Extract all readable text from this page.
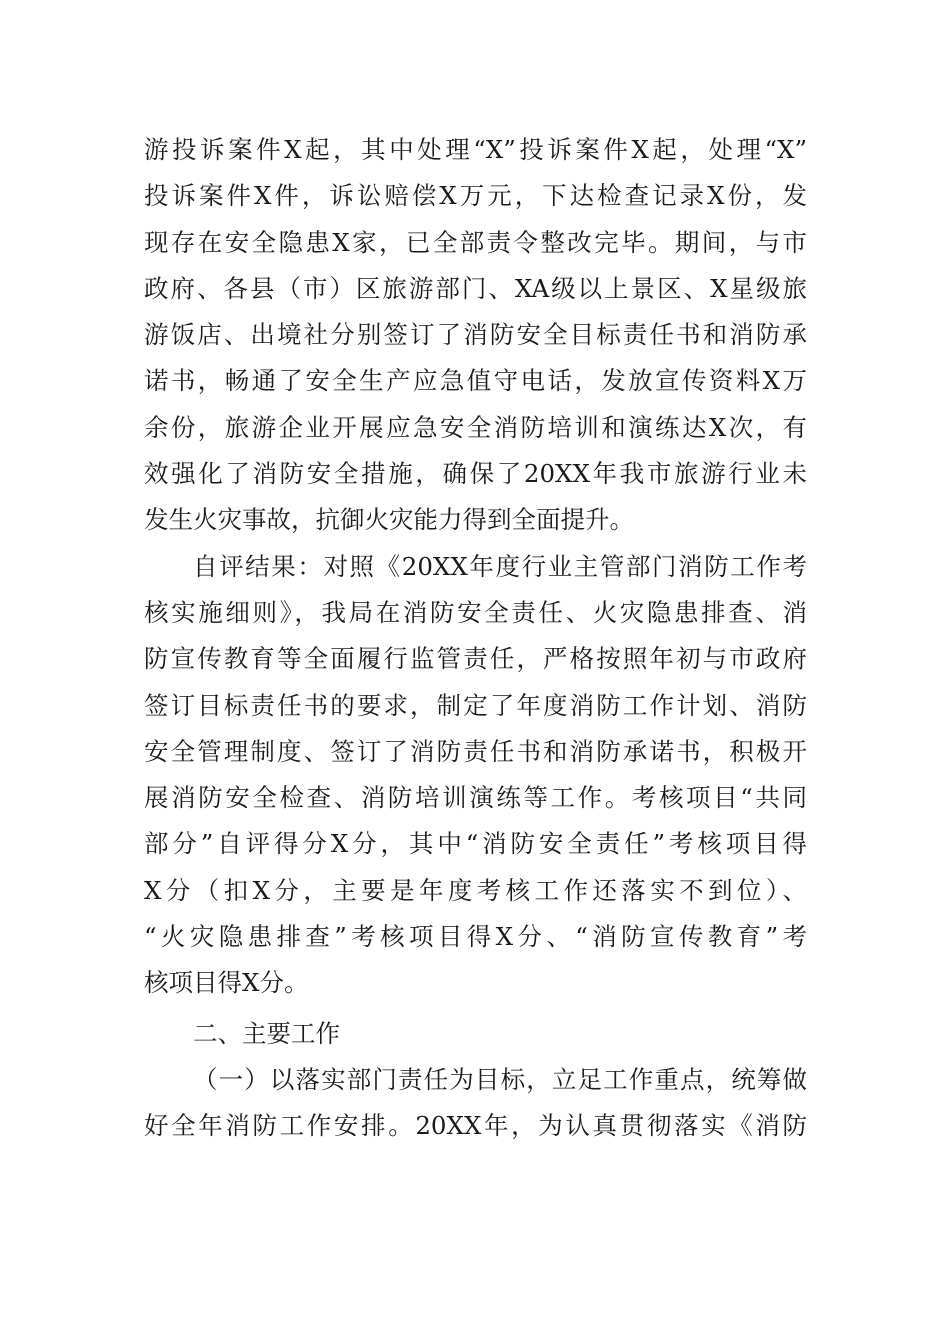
游投诉案件X起，其中处理“X”投诉案件X起，处理“X”
投诉案件X件，诉讼赔偿X万元，下达检查记录X份，发
现存在安全隐患X家，已全部责令整改完毕。期间，与市
政府、各县（市）区旅游部门、XA级以上景区、X星级旅
游饭店、出境社分别签订了消防安全目标责任书和消防承
诺书，畅通了安全生产应急值守电话，发放宣传资料X万
余份，旅游企业开展应急安全消防培训和演练达X次，有
效强化了消防安全措施，确保了20XX年我市旅游行业未
发生火灾事故，抗御火灾能力得到全面提升。
自评结果：对照《20XX年度行业主管部门消防工作考
核实施细则》，我局在消防安全责任、火灾隐患排查、消
防宣传教育等全面履行监管责任，严格按照年初与市政府
签订目标责任书的要求，制定了年度消防工作计划、消防
安全管理制度、签订了消防责任书和消防承诺书，积极开
展消防安全检查、消防培训演练等工作。考核项目“共同
部分”自评得分X分，其中“消防安全责任”考核项目得
X分（扣X分，主要是年度考核工作还落实不到位）、
“火灾隐患排查”考核项目得X分、“消防宣传教育”考
核项目得X分。
二、主要工作
（一）以落实部门责任为目标，立足工作重点，统筹做
好全年消防工作安排。20XX年，为认真贯彻落实《消防
